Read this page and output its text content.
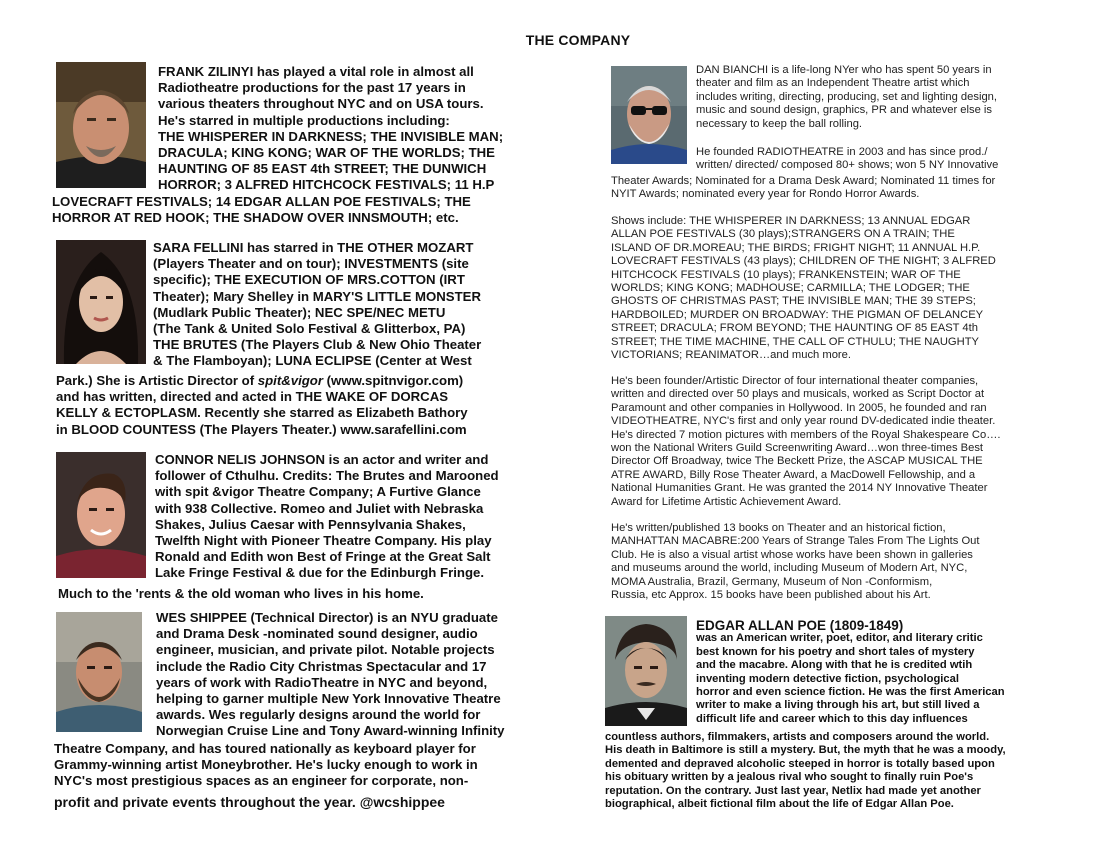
THE COMPANY
FRANK ZILINYI has played a vital role in almost all
Radiotheatre productions for the past 17 years in
various theaters throughout NYC and on USA tours.
He's starred in multiple productions including:
THE WHISPERER IN DARKNESS; THE INVISIBLE MAN;
DRACULA; KING KONG; WAR OF THE WORLDS; THE
HAUNTING OF 85 EAST 4th STREET; THE DUNWICH
HORROR; 3 ALFRED HITCHCOCK FESTIVALS; 11 H.P
LOVECRAFT FESTIVALS; 14 EDGAR ALLAN POE FESTIVALS; THE
HORROR AT RED HOOK; THE SHADOW OVER INNSMOUTH; etc.
SARA FELLINI has starred in THE OTHER MOZART
(Players Theater and on tour); INVESTMENTS (site
specific); THE EXECUTION OF MRS.COTTON (IRT
Theater); Mary Shelley in MARY'S LITTLE MONSTER
(Mudlark Public Theater); NEC SPE/NEC METU
(The Tank & United Solo Festival & Glitterbox, PA)
THE BRUTES (The Players Club & New Ohio Theater
& The Flamboyan); LUNA ECLIPSE (Center at West
Park.) She is Artistic Director of spit&vigor (www.spitnvigor.com)
and has written, directed and acted in THE WAKE OF DORCAS
KELLY & ECTOPLASM. Recently she starred as Elizabeth Bathory
in BLOOD COUNTESS (The Players Theater.) www.sarafellini.com
CONNOR NELIS JOHNSON is an actor and writer and
follower of Cthulhu. Credits: The Brutes and Marooned
with spit &vigor Theatre Company; A Furtive Glance
with 938 Collective. Romeo and Juliet with Nebraska
Shakes, Julius Caesar with Pennsylvania Shakes,
Twelfth Night with Pioneer Theatre Company. His play
Ronald and Edith won Best of Fringe at the Great Salt
Lake Fringe Festival & due for the Edinburgh Fringe.
Much to the 'rents & the old woman who lives in his home.
WES SHIPPEE (Technical Director) is an NYU graduate
and Drama Desk -nominated sound designer, audio
engineer, musician, and private pilot. Notable projects
include the Radio City Christmas Spectacular and 17
years of work with RadioTheatre in NYC and beyond,
helping to garner multiple New York Innovative Theatre
awards. Wes regularly designs around the world for
Norwegian Cruise Line and Tony Award-winning Infinity
Theatre Company, and has toured nationally as keyboard player for
Grammy-winning artist Moneybrother. He's lucky enough to work in
NYC's most prestigious spaces as an engineer for corporate, non-
profit and private events throughout the year. @wcshippee
DAN BIANCHI is a life-long NYer who has spent 50 years in
theater and film as an Independent Theatre artist which
includes writing, directing, producing, set and lighting design,
music and sound design, graphics, PR and whatever else is
necessary to keep the ball rolling.
He founded RADIOTHEATRE in 2003 and has since prod./
written/ directed/ composed 80+ shows; won 5 NY Innovative
Theater Awards; Nominated for a Drama Desk Award; Nominated 11 times for
NYIT Awards; nominated every year for Rondo Horror Awards.
Shows include: THE WHISPERER IN DARKNESS; 13 ANNUAL EDGAR
ALLAN POE FESTIVALS (30 plays);STRANGERS ON A TRAIN; THE
ISLAND OF DR.MOREAU; THE BIRDS; FRIGHT NIGHT; 11 ANNUAL H.P.
LOVECRAFT FESTIVALS (43 plays); CHILDREN OF THE NIGHT; 3 ALFRED
HITCHCOCK FESTIVALS (10 plays); FRANKENSTEIN; WAR OF THE
WORLDS; KING KONG; MADHOUSE; CARMILLA; THE LODGER; THE
GHOSTS OF CHRISTMAS PAST; THE INVISIBLE MAN; THE 39 STEPS;
HARDBOILED; MURDER ON BROADWAY: THE PIGMAN OF DELANCEY
STREET; DRACULA; FROM BEYOND; THE HAUNTING OF 85 EAST 4th
STREET; THE TIME MACHINE, THE CALL OF CTHULU; THE NAUGHTY
VICTORIANS; REANIMATOR…and much more.
He's been founder/Artistic Director of four international theater companies,
written and directed over 50 plays and musicals, worked as Script Doctor at
Paramount and other companies in Hollywood. In 2005, he founded and ran
VIDEOTHEATRE, NYC's first and only year round DV-dedicated indie theater.
He's directed 7 motion pictures with members of the Royal Shakespeare Co….
won the National Writers Guild Screenwriting Award…won three-times Best
Director Off Broadway, twice The Beckett Prize, the ASCAP MUSICAL THE
ATRE AWARD, Billy Rose Theater Award, a MacDowell Fellowship, and a
National Humanities Grant. He was granted the 2014 NY Innovative Theater
Award for Lifetime Artistic Achievement Award.
He's written/published 13 books on Theater and an historical fiction,
MANHATTAN MACABRE:200 Years of Strange Tales From The Lights Out
Club. He is also a visual artist whose works have been shown in galleries
and museums around the world, including Museum of Modern Art, NYC,
MOMA Australia, Brazil, Germany, Museum of Non -Conformism,
Russia, etc Approx. 15 books have been published about his Art.
EDGAR ALLAN POE (1809-1849)
was an American writer, poet, editor, and literary critic
best known for his poetry and short tales of mystery
and the macabre. Along with that he is credited wtih
inventing modern detective fiction, psychological
horror and even science fiction. He was the first American
writer to make a living through his art, but still lived a
difficult life and career which to this day influences
countless authors, filmmakers, artists and composers around the world.
His death in Baltimore is still a mystery. But, the myth that he was a moody,
demented and depraved alcoholic steeped in horror is totally based upon
his obituary written by a jealous rival who sought to finally ruin Poe's
reputation. On the contrary. Just last year, Netlix had made yet another
biographical, albeit fictional film about the life of Edgar Allan Poe.
